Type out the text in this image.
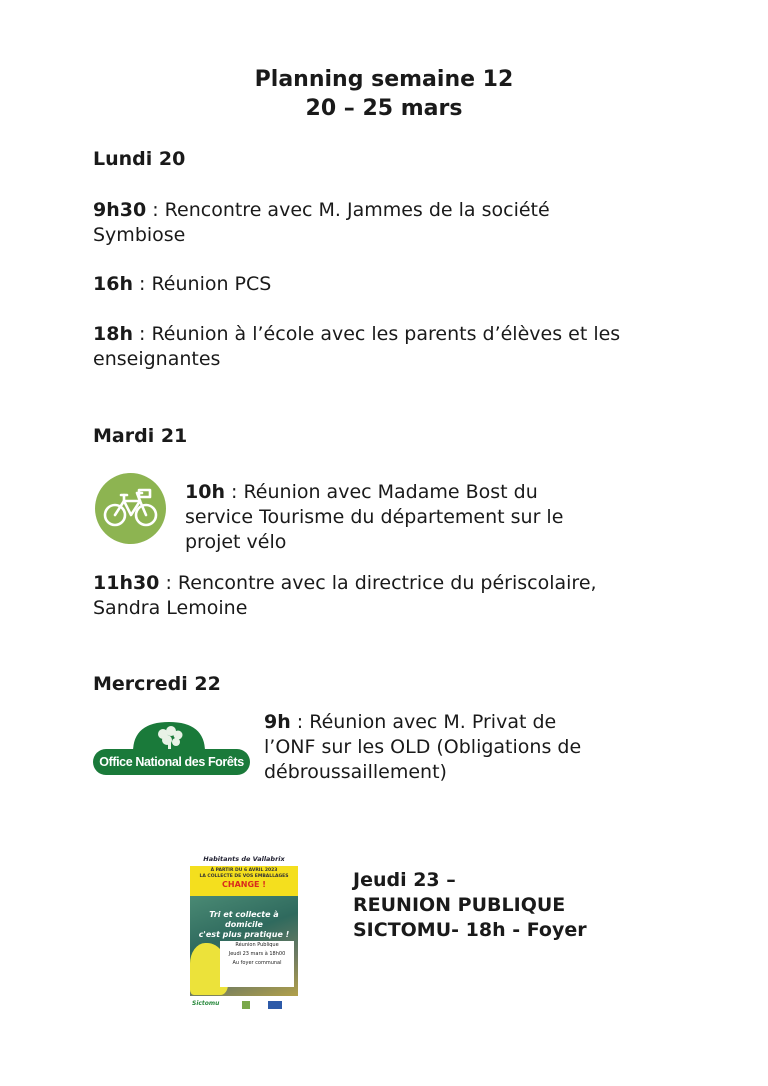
Planning semaine 12
20 – 25 mars
Lundi 20
9h30 : Rencontre avec M. Jammes de la société
Symbiose
16h : Réunion PCS
18h : Réunion à l’école avec les parents d’élèves et les
enseignantes
Mardi 21
10h : Réunion avec Madame Bost du
service Tourisme du département sur le
projet vélo
11h30 : Rencontre avec la directrice du périscolaire,
Sandra Lemoine
Mercredi 22
Office National des Forêts
9h : Réunion avec M. Privat de
l’ONF sur les OLD (Obligations de
débroussaillement)
Habitants de Vallabrix
À PARTIR DU 6 AVRIL 2023
LA COLLECTE DE VOS EMBALLAGES
CHANGE !
Tri et collecte à domicile
c'est plus pratique !
Réunion Publique
Jeudi 23 mars à 18h00
Au foyer communal
Sictomu
Jeudi 23 –
REUNION PUBLIQUE
SICTOMU- 18h - Foyer
